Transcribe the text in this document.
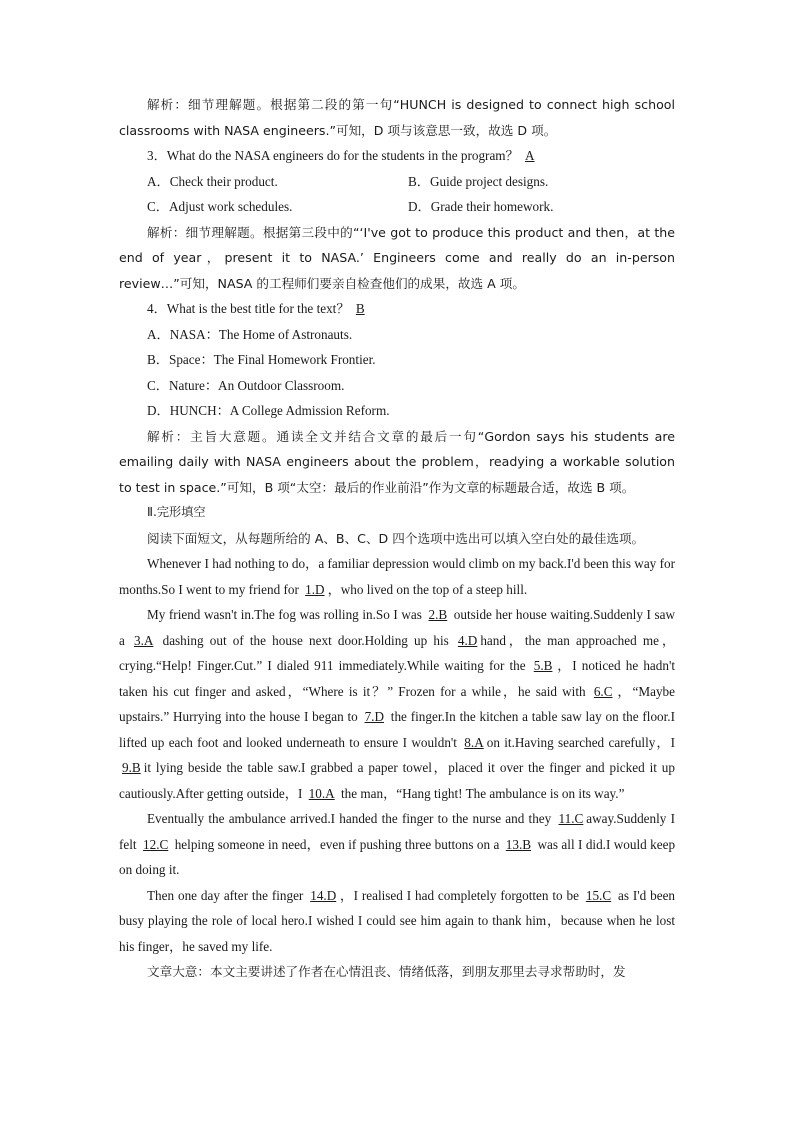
解析：细节理解题。根据第二段的第一句“HUNCH is designed to connect high school classrooms with NASA engineers.”可知，D 项与该意思一致，故选 D 项。

3．What do the NASA engineers do for the students in the program？ A

A．Check their product.	B．Guide project designs.
C．Adjust work schedules.	D．Grade their homework.

解析：细节理解题。根据第三段中的“‘I've got to produce this product and then，at the end of year，present it to NASA.’ Engineers come and really do an in-person review…”可知，NASA 的工程师们要亲自检查他们的成果，故选 A 项。

4．What is the best title for the text？ B

A．NASA：The Home of Astronauts.

B．Space：The Final Homework Frontier.

C．Nature：An Outdoor Classroom.

D．HUNCH：A College Admission Reform.

解析：主旨大意题。通读全文并结合文章的最后一句“Gordon says his students are emailing daily with NASA engineers about the problem，readying a workable solution to test in space.”可知，B 项“太空：最后的作业前沿”作为文章的标题最合适，故选 B 项。

Ⅱ.完形填空

阅读下面短文，从每题所给的 A、B、C、D 四个选项中选出可以填入空白处的最佳选项。

Whenever I had nothing to do，a familiar depression would climb on my back.I'd been this way for months.So I went to my friend for 1.D ，who lived on the top of a steep hill.

My friend wasn't in.The fog was rolling in.So I was 2.B outside her house waiting.Suddenly I saw a 3.A dashing out of the house next door.Holding up his 4.D hand，the man approached me，crying.“Help! Finger.Cut.” I dialed 911 immediately.While waiting for the 5.B ，I noticed he hadn't taken his cut finger and asked，“Where is it？” Frozen for a while，he said with 6.C ，“Maybe upstairs.” Hurrying into the house I began to 7.D the finger.In the kitchen a table saw lay on the floor.I lifted up each foot and looked underneath to ensure I wouldn't 8.A on it.Having searched carefully，I 9.B it lying beside the table saw.I grabbed a paper towel，placed it over the finger and picked it up cautiously.After getting outside，I 10.A the man，“Hang tight! The ambulance is on its way.”

Eventually the ambulance arrived.I handed the finger to the nurse and they 11.C away.Suddenly I felt 12.C helping someone in need，even if pushing three buttons on a 13.B was all I did.I would keep on doing it.

Then one day after the finger 14.D ，I realised I had completely forgotten to be 15.C as I'd been busy playing the role of local hero.I wished I could see him again to thank him，because when he lost his finger，he saved my life.

文章大意：本文主要讲述了作者在心情沮丧、情绪低落，到朋友那里去寻求帮助时，发
